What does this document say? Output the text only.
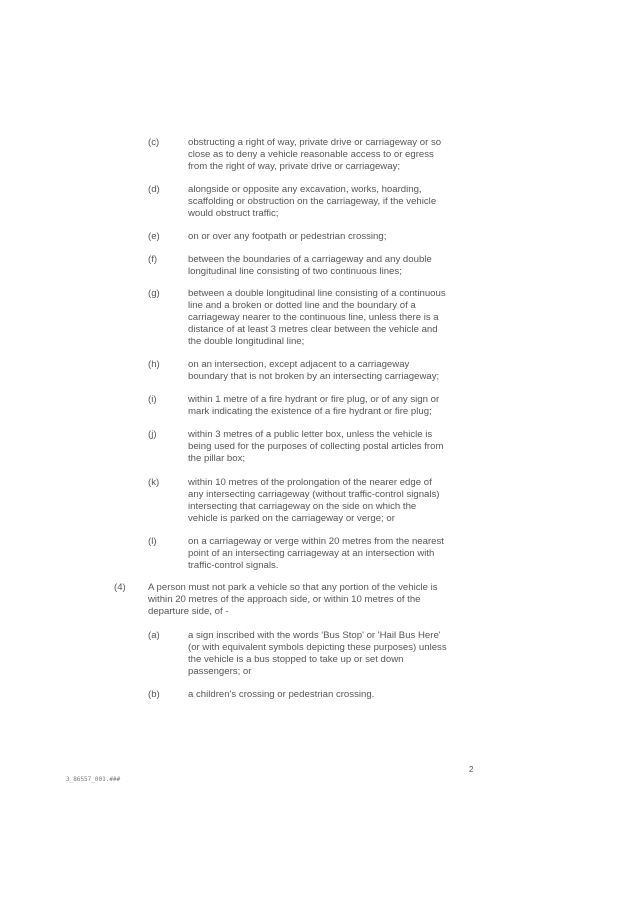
(c)	obstructing a right of way, private drive or carriageway or so
close as to deny a vehicle reasonable access to or egress
from the right of way, private drive or carriageway;
(d)	alongside or opposite any excavation, works, hoarding,
scaffolding or obstruction on the carriageway, if the vehicle
would obstruct traffic;
(e)	on or over any footpath or pedestrian crossing;
(f)	between the boundaries of a carriageway and any double
longitudinal line consisting of two continuous lines;
(g)	between a double longitudinal line consisting of a continuous
line and a broken or dotted line and the boundary of a
carriageway nearer to the continuous line, unless there is a
distance of at least 3 metres clear between the vehicle and
the double longitudinal line;
(h)	on an intersection, except adjacent to a carriageway
boundary that is not broken by an intersecting carriageway;
(i)	within 1 metre of a fire hydrant or fire plug, or of any sign or
mark indicating the existence of a fire hydrant or fire plug;
(j)	within 3 metres of a public letter box, unless the vehicle is
being used for the purposes of collecting postal articles from
the pillar box;
(k)	within 10 metres of the prolongation of the nearer edge of
any intersecting carriageway (without traffic-control signals)
intersecting that carriageway on the side on which the
vehicle is parked on the carriageway or verge; or
(l)	on a carriageway or verge within 20 metres from the nearest
point of an intersecting carriageway at an intersection with
traffic-control signals.
(4) A person must not park a vehicle so that any portion of the vehicle is
within 20 metres of the approach side, or within 10 metres of the
departure side, of -
(a)	a sign inscribed with the words 'Bus Stop' or 'Hail Bus Here'
(or with equivalent symbols depicting these purposes) unless
the vehicle is a bus stopped to take up or set down
passengers; or
(b)	a children's crossing or pedestrian crossing.
2
3_86557_001.###
